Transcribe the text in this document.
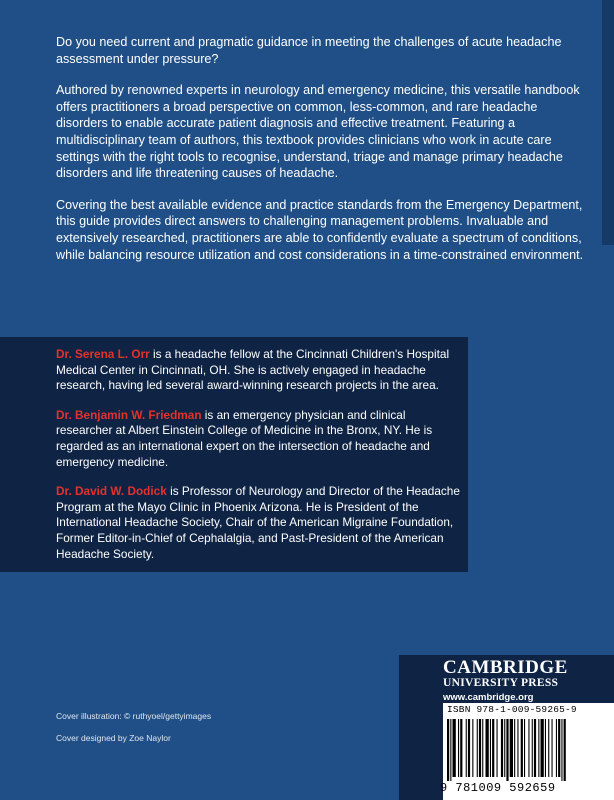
Do you need current and pragmatic guidance in meeting the challenges of acute headache assessment under pressure?

Authored by renowned experts in neurology and emergency medicine, this versatile handbook offers practitioners a broad perspective on common, less-common, and rare headache disorders to enable accurate patient diagnosis and effective treatment. Featuring a multidisciplinary team of authors, this textbook provides clinicians who work in acute care settings with the right tools to recognise, understand, triage and manage primary headache disorders and life threatening causes of headache.

Covering the best available evidence and practice standards from the Emergency Department, this guide provides direct answers to challenging management problems. Invaluable and extensively researched, practitioners are able to confidently evaluate a spectrum of conditions, while balancing resource utilization and cost considerations in a time-constrained environment.

Dr. Serena L. Orr is a headache fellow at the Cincinnati Children's Hospital Medical Center in Cincinnati, OH. She is actively engaged in headache research, having led several award-winning research projects in the area.

Dr. Benjamin W. Friedman is an emergency physician and clinical researcher at Albert Einstein College of Medicine in the Bronx, NY. He is regarded as an international expert on the intersection of headache and emergency medicine.

Dr. David W. Dodick is Professor of Neurology and Director of the Headache Program at the Mayo Clinic in Phoenix Arizona. He is President of the International Headache Society, Chair of the American Migraine Foundation, Former Editor-in-Chief of Cephalalgia, and Past-President of the American Headache Society.

Cover illustration: © ruthyoel/gettyimages
Cover designed by Zoe Naylor
CAMBRIDGE
UNIVERSITY PRESS
www.cambridge.org
ISBN 978-1-009-59265-9
9 781009 592659
